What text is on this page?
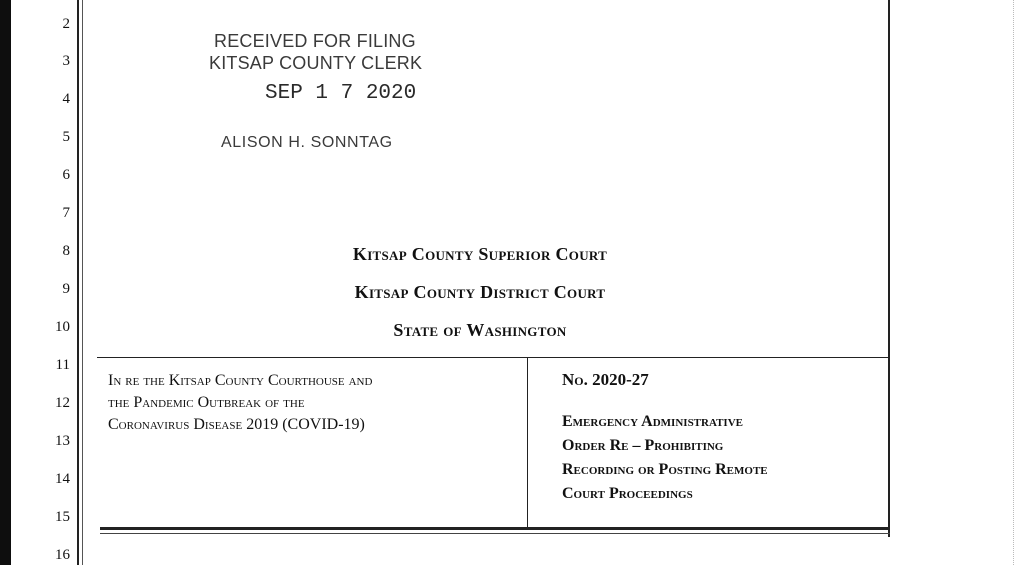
2
3
4
5
6
7
8
9
10
11
12
13
14
15
16
RECEIVED FOR FILING
KITSAP COUNTY CLERK
SEP 1 7 2020
ALISON H. SONNTAG
Kitsap County Superior Court
Kitsap County District Court
State of Washington
In re the Kitsap County Courthouse and
the Pandemic Outbreak of the
Coronavirus Disease 2019 (COVID-19)
No. 2020-27
Emergency Administrative
Order Re – Prohibiting
Recording or Posting Remote
Court Proceedings
